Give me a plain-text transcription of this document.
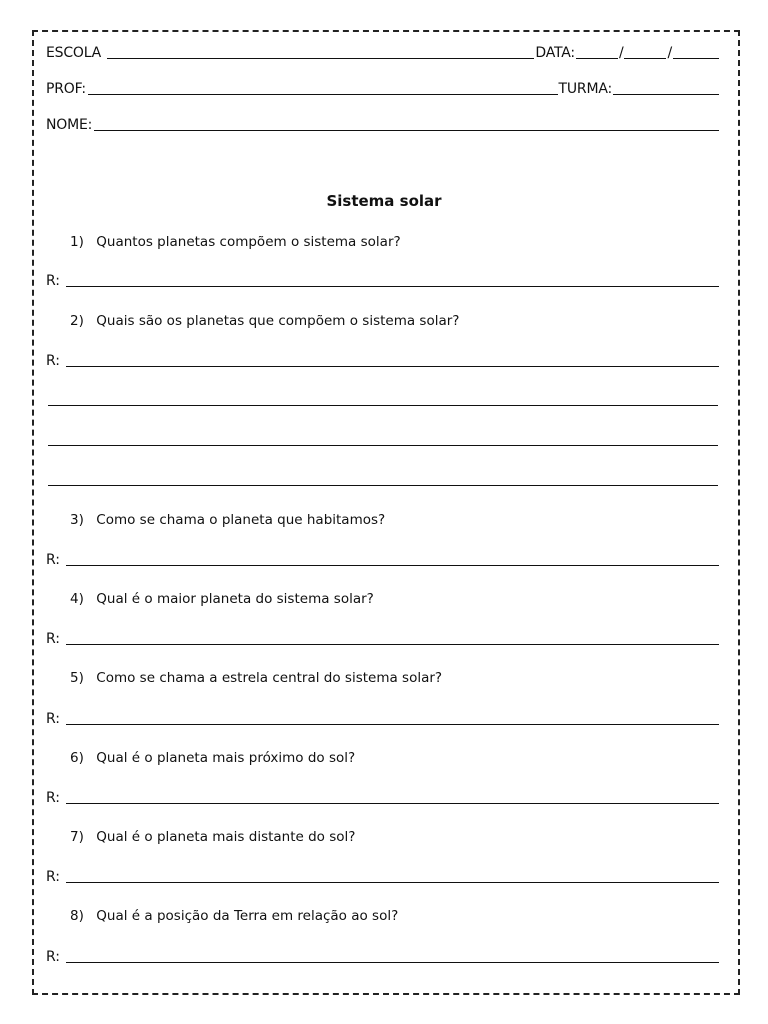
ESCOLA	DATA:	/	/
PROF:	TURMA:
NOME:
Sistema solar
1) Quantos planetas compõem o sistema solar?
R:
2) Quais são os planetas que compõem o sistema solar?
R:
3) Como se chama o planeta que habitamos?
R:
4) Qual é o maior planeta do sistema solar?
R:
5) Como se chama a estrela central do sistema solar?
R:
6) Qual é o planeta mais próximo do sol?
R:
7) Qual é o planeta mais distante do sol?
R:
8) Qual é a posição da Terra em relação ao sol?
R:
